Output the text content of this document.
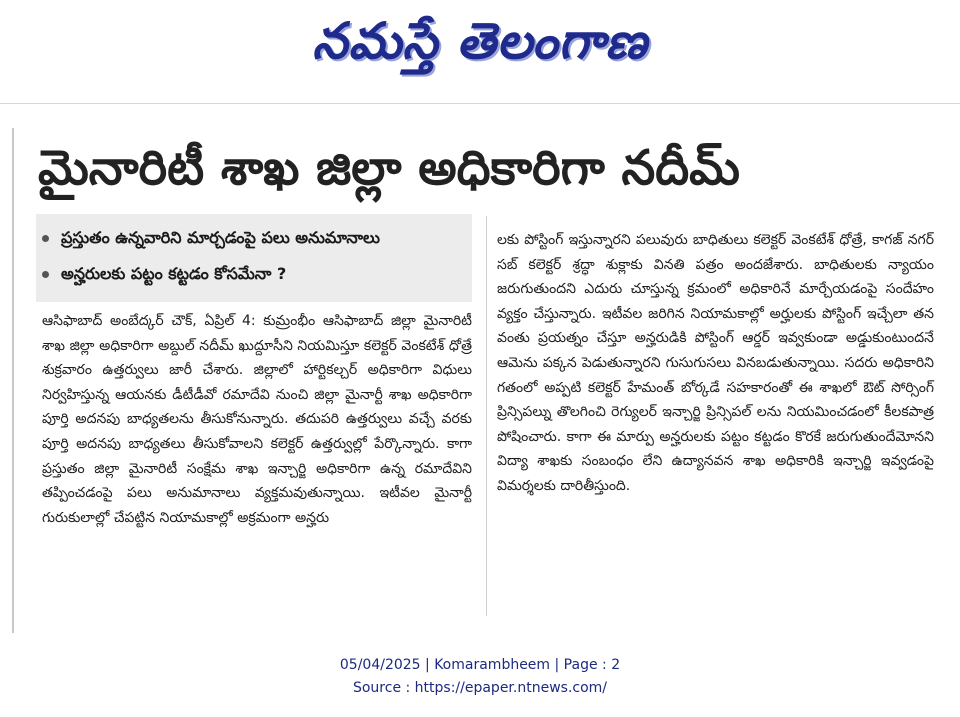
నమస్తే తెలంగాణ
మైనారిటీ శాఖ జిల్లా అధికారిగా నదీమ్
ప్రస్తుతం ఉన్నవారిని మార్చడంపై పలు అనుమానాలు
అన్హరులకు పట్టం కట్టడం కోసమేనా ?

ఆసిఫాబాద్ అంబేద్కర్ చౌక్, ఏప్రిల్ 4: కుమ్రంభీం ఆసిఫాబాద్ జిల్లా మైనారిటీ శాఖ జిల్లా అధికారిగా అబ్దుల్ నదీమ్ ఖుద్దూసీని నియమిస్తూ కలెక్టర్ వెంకటేశ్ ధోత్రే శుక్రవారం ఉత్తర్వులు జారీ చేశారు. జిల్లాలో హార్టికల్చర్ అధికారిగా విధులు నిర్వహిస్తున్న ఆయనకు డీటీడీవో రమాదేవి నుంచి జిల్లా మైనార్టీ శాఖ అధికారిగా పూర్తి అదనపు బాధ్యతలను తీసుకోనున్నారు. తదుపరి ఉత్తర్వులు వచ్చే వరకు పూర్తి అదనపు బాధ్యతలు తీసుకోవాలని కలెక్టర్ ఉత్తర్వుల్లో పేర్కొన్నారు. కాగా ప్రస్తుతం జిల్లా మైనారిటీ సంక్షేమ శాఖ ఇన్చార్జి అధికారిగా ఉన్న రమాదేవిని తప్పించడంపై పలు అనుమానాలు వ్యక్తమవుతున్నాయి. ఇటీవల మైనార్టీ గురుకులాల్లో చేపట్టిన నియామకాల్లో అక్రమంగా అన్హరు

లకు పోస్టింగ్ ఇస్తున్నారని పలువురు బాధితులు కలెక్టర్ వెంకటేశ్ ధోత్రే, కాగజ్ నగర్ సబ్ కలెక్టర్ శ్రద్ధా శుక్లాకు వినతి పత్రం అందజేశారు. బాధితులకు న్యాయం జరుగుతుందని ఎదురు చూస్తున్న క్రమంలో అధికారినే మార్చేయడంపై సందేహం వ్యక్తం చేస్తున్నారు. ఇటీవల జరిగిన నియామకాల్లో అర్హులకు పోస్టింగ్ ఇచ్చేలా తన వంతు ప్రయత్నం చేస్తూ అన్హరుడికి పోస్టింగ్ ఆర్డర్ ఇవ్వకుండా అడ్డుకుంటుందనే ఆమెను పక్కన పెడుతున్నారని గుసుగుసలు వినబడుతున్నాయి. సదరు అధికారిని గతంలో అప్పటి కలెక్టర్ హేమంత్ బోర్కడే సహకారంతో ఈ శాఖలో ఔట్ సోర్సింగ్ ప్రిన్సిపల్ను తొలగించి రెగ్యులర్ ఇన్చార్జి ప్రిన్సిపల్ లను నియమించడంలో కీలకపాత్ర పోషించారు. కాగా ఈ మార్పు అన్హరులకు పట్టం కట్టడం కొరకే జరుగుతుందేమోనని విద్యా శాఖకు సంబంధం లేని ఉద్యానవన శాఖ అధికారికి ఇన్చార్జి ఇవ్వడంపై విమర్శలకు దారితీస్తుంది.

05/04/2025 | Komarambheem | Page : 2
Source : https://epaper.ntnews.com/
